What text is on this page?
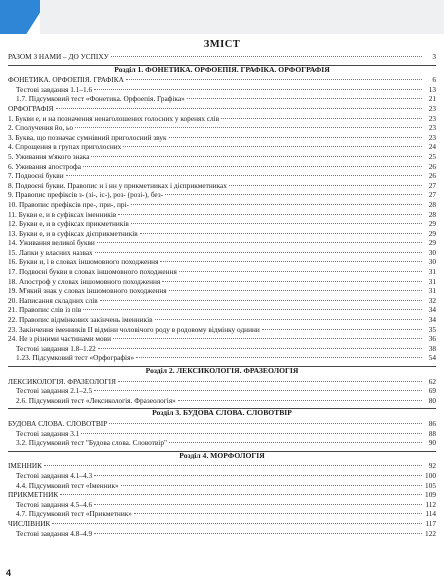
ЗМІСТ
РАЗОМ З НАМИ – ДО УСПІХУ	3
Розділ 1. ФОНЕТИКА. ОРФОЕПІЯ. ГРАФІКА. ОРФОГРАФІЯ
ФОНЕТИКА. ОРФОЕПІЯ. ГРАФІКА	6
Тестові завдання 1.1–1.6	13
1.7. Підсумковий тест «Фонетика. Орфоепія. Графіка»	21
ОРФОГРАФІЯ	23
1. Букви е, и на позначення ненаголошених голосних у коренях слів	23
2. Сполучення йо, ьо	23
3. Буква, що позначає сумнівний приголосний звук	23
4. Спрощення в групах приголосних	24
5. Уживання м'якого знака	25
6. Уживання апострофа	26
7. Подвоєні букви	26
8. Подвоєні букви. Правопис н і нн у прикметниках і дієприкметниках	27
9. Правопис префіксів з- (зі-, іс-), роз- (розі-), без-	27
10. Правопис префіксів пре-, при-, прі-	28
11. Букви е, и в суфіксах іменників	28
12. Букви е, и в суфіксах прикметників	29
13. Букви е, и в суфіксах дієприкметників	29
14. Уживання великої букви	29
15. Лапки у власних назвах	30
16. Букви и, і в словах іншомовного походження	30
17. Подвоєні букви в словах іншомовного походження	31
18. Апостроф у словах іншомовного походження	31
19. М'який знак у словах іншомовного походження	31
20. Написання складних слів	32
21. Правопис слів із пів	34
22. Правопис відмінкових закінчень іменників	34
23. Закінчення іменників II відміни чоловічого роду в родовому відмінку однини	35
24. Не з різними частинами мови	36
Тестові завдання 1.8–1.22	38
1.23. Підсумковий тест «Орфографія»	54
Розділ 2. ЛЕКСИКОЛОГІЯ. ФРАЗЕОЛОГІЯ
ЛЕКСИКОЛОГІЯ. ФРАЗЕОЛОГІЯ	62
Тестові завдання 2.1–2.5	69
2.6. Підсумковий тест «Лексикологія. Фразеологія»	80
Розділ 3. БУДОВА СЛОВА. СЛОВОТВІР
БУДОВА СЛОВА. СЛОВОТВІР	86
Тестові завдання 3.1	88
3.2. Підсумковий тест "Будова слова. Словотвір"	90
Розділ 4. МОРФОЛОГІЯ
ІМЕННИК	92
Тестові завдання 4.1–4.3	100
4.4. Підсумковий тест «Іменник»	105
ПРИКМЕТНИК	109
Тестові завдання 4.5–4.6	112
4.7. Підсумковий тест «Прикметник»	114
ЧИСЛІВНИК	117
Тестові завдання 4.8–4.9	122
4
